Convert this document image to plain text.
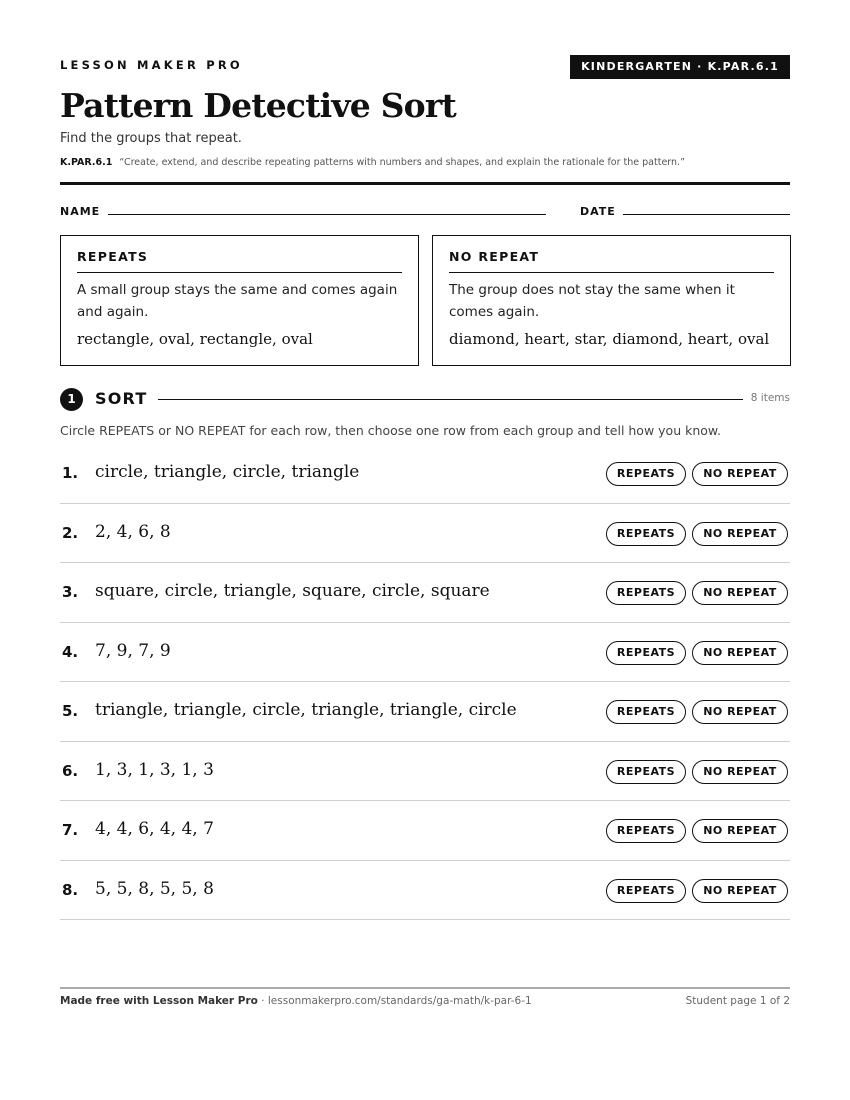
LESSON MAKER PRO	KINDERGARTEN · K.PAR.6.1
Pattern Detective Sort
Find the groups that repeat.
K.PAR.6.1 “Create, extend, and describe repeating patterns with numbers and shapes, and explain the rationale for the pattern.”
NAME	DATE
REPEATS
A small group stays the same and comes again and again.
rectangle, oval, rectangle, oval
NO REPEAT
The group does not stay the same when it comes again.
diamond, heart, star, diamond, heart, oval
1	SORT	8 items
Circle REPEATS or NO REPEAT for each row, then choose one row from each group and tell how you know.
1. circle, triangle, circle, triangle	REPEATS	NO REPEAT
2. 2, 4, 6, 8	REPEATS	NO REPEAT
3. square, circle, triangle, square, circle, square	REPEATS	NO REPEAT
4. 7, 9, 7, 9	REPEATS	NO REPEAT
5. triangle, triangle, circle, triangle, triangle, circle	REPEATS	NO REPEAT
6. 1, 3, 1, 3, 1, 3	REPEATS	NO REPEAT
7. 4, 4, 6, 4, 4, 7	REPEATS	NO REPEAT
8. 5, 5, 8, 5, 5, 8	REPEATS	NO REPEAT
Made free with Lesson Maker Pro · lessonmakerpro.com/standards/ga-math/k-par-6-1	Student page 1 of 2
